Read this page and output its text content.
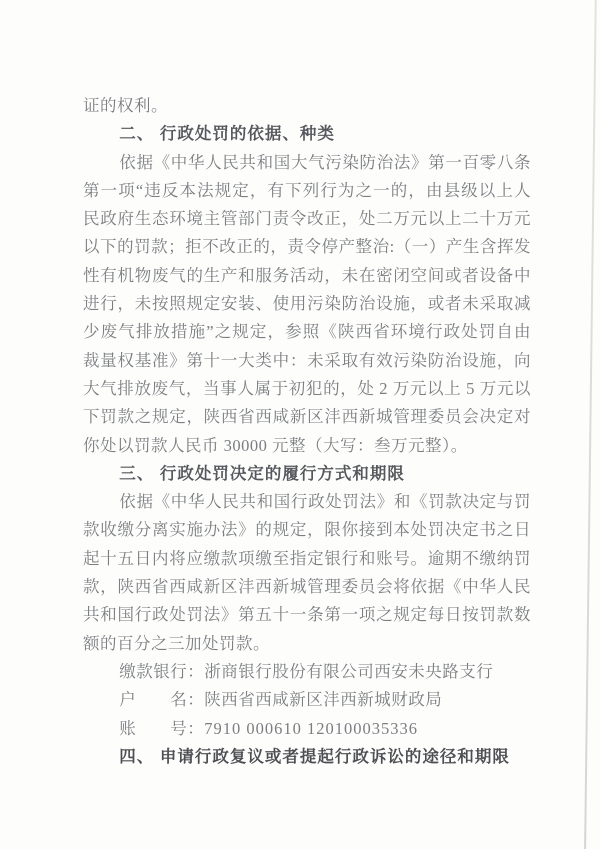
证的权利。

二、 行政处罚的依据、种类

依据《中华人民共和国大气污染防治法》第一百零八条第一项“违反本法规定，有下列行为之一的，由县级以上人民政府生态环境主管部门责令改正，处二万元以上二十万元以下的罚款；拒不改正的，责令停产整治:（一）产生含挥发性有机物废气的生产和服务活动，未在密闭空间或者设备中进行，未按照规定安装、使用污染防治设施，或者未采取减少废气排放措施”之规定，参照《陕西省环境行政处罚自由裁量权基准》第十一大类中：未采取有效污染防治设施，向大气排放废气，当事人属于初犯的，处 2 万元以上 5 万元以下罚款之规定，陕西省西咸新区沣西新城管理委员会决定对你处以罚款人民币 30000 元整（大写：叁万元整）。

三、 行政处罚决定的履行方式和期限

依据《中华人民共和国行政处罚法》和《罚款决定与罚款收缴分离实施办法》的规定，限你接到本处罚决定书之日起十五日内将应缴款项缴至指定银行和账号。逾期不缴纳罚款，陕西省西咸新区沣西新城管理委员会将依据《中华人民共和国行政处罚法》第五十一条第一项之规定每日按罚款数额的百分之三加处罚款。

缴款银行：浙商银行股份有限公司西安未央路支行

户　　名：陕西省西咸新区沣西新城财政局

账　　号：7910 000610 120100035336

四、 申请行政复议或者提起行政诉讼的途径和期限
